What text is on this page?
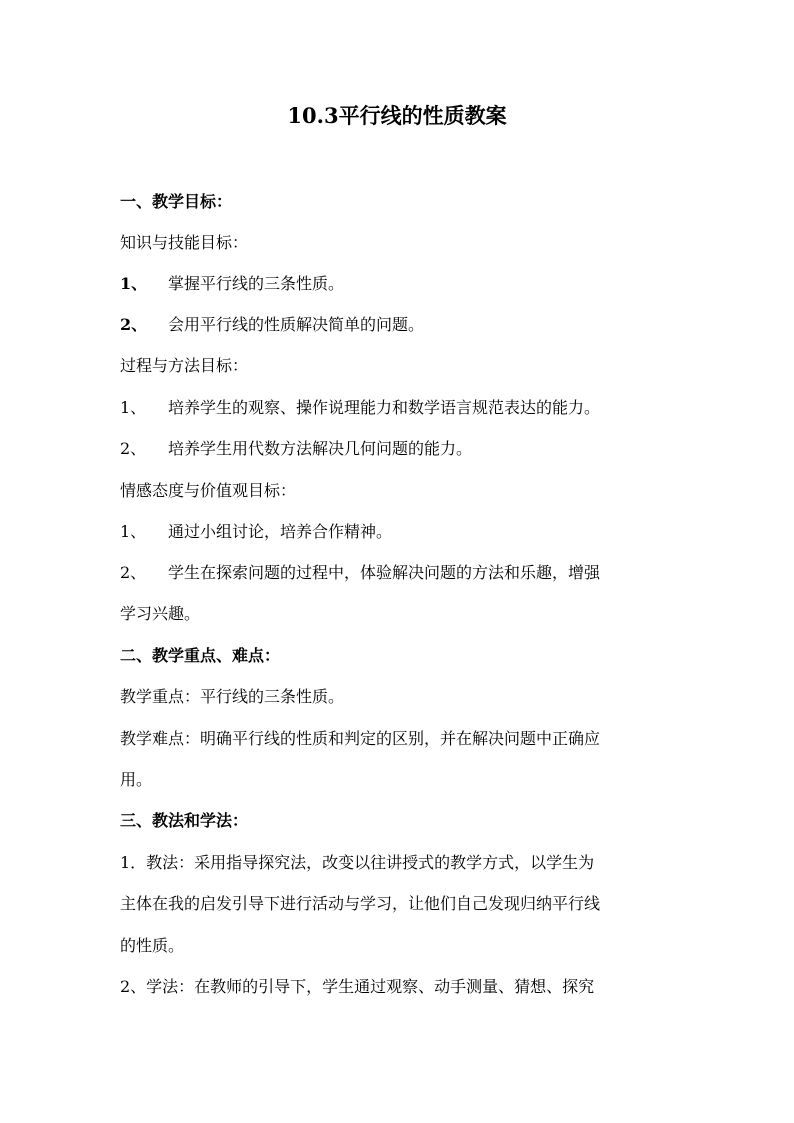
10.3平行线的性质教案
一、教学目标：
知识与技能目标：
1、 掌握平行线的三条性质。
2、 会用平行线的性质解决简单的问题。
过程与方法目标：
1、 培养学生的观察、操作说理能力和数学语言规范表达的能力。
2、 培养学生用代数方法解决几何问题的能力。
情感态度与价值观目标：
1、 通过小组讨论，培养合作精神。
2、 学生在探索问题的过程中，体验解决问题的方法和乐趣，增强
学习兴趣。
二、教学重点、难点：
教学重点：平行线的三条性质。
教学难点：明确平行线的性质和判定的区别，并在解决问题中正确应
用。
三、教法和学法：
1．教法：采用指导探究法，改变以往讲授式的教学方式，以学生为
主体在我的启发引导下进行活动与学习，让他们自己发现归纳平行线
的性质。
2、学法：在教师的引导下，学生通过观察、动手测量、猜想、探究
